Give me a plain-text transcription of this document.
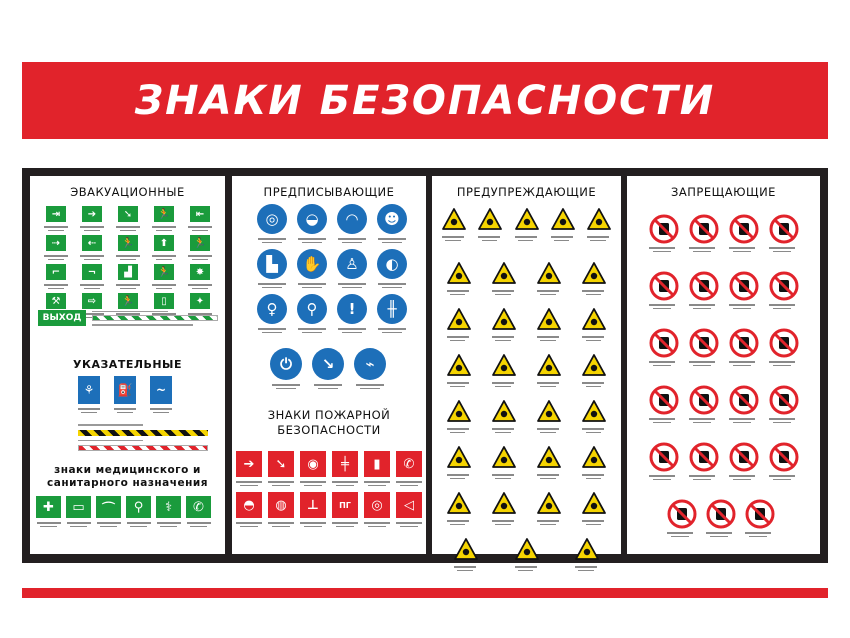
ЗНАКИ БЕЗОПАСНОСТИ
ЭВАКУАЦИОННЫЕ
⇥	➔	➘	🏃	⇤
⇢	⇠	🏃	⬆	🏃
⌐	¬	▟	🏃	✸
⚒	⇨	🏃	▯	✦
ВЫХОД
УКАЗАТЕЛЬНЫЕ
⚘	⛽	~
знаки медицинского и санитарного назначения
✚	▭	⌒	⚲	⚕	✆
ПРЕДПИСЫВАЮЩИЕ
◎	◒	◠	☻
▙	✋	♙	◐
♀	⚲	!	╫
⏻	↘	⌁
ЗНАКИ ПОЖАРНОЙ БЕЗОПАСНОСТИ
➔	➘	◉	╪	▮	✆
◓	◍	⊥	ПГ	◎	◁
ПРЕДУПРЕЖДАЮЩИЕ	ЗАПРЕЩАЮЩИЕ
